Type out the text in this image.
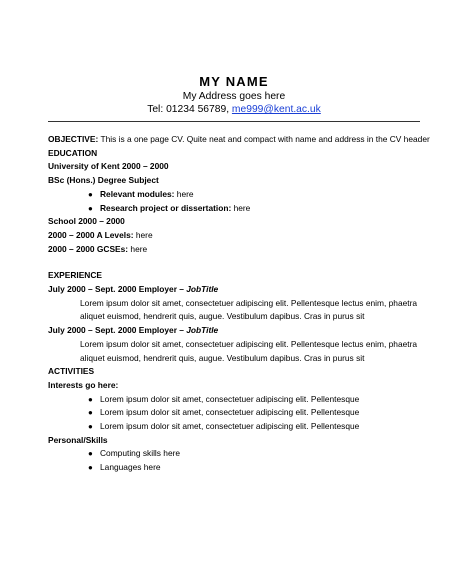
MY NAME
My Address goes here
Tel: 01234 56789, me999@kent.ac.uk
OBJECTIVE: This is a one page CV. Quite neat and compact with name and address in the CV header
EDUCATION
University of Kent 2000 – 2000
BSc (Hons.) Degree Subject
● Relevant modules: here
● Research project or dissertation: here
School 2000 – 2000
2000 – 2000 A Levels: here
2000 – 2000 GCSEs: here
EXPERIENCE
July 2000 – Sept. 2000 Employer – JobTitle
Lorem ipsum dolor sit amet, consectetuer adipiscing elit. Pellentesque lectus enim, phaetra aliquet euismod, hendrerit quis, augue. Vestibulum dapibus. Cras in purus sit
July 2000 – Sept. 2000 Employer – JobTitle
Lorem ipsum dolor sit amet, consectetuer adipiscing elit. Pellentesque lectus enim, phaetra aliquet euismod, hendrerit quis, augue. Vestibulum dapibus. Cras in purus sit
ACTIVITIES
Interests go here:
● Lorem ipsum dolor sit amet, consectetuer adipiscing elit. Pellentesque
● Lorem ipsum dolor sit amet, consectetuer adipiscing elit. Pellentesque
● Lorem ipsum dolor sit amet, consectetuer adipiscing elit. Pellentesque
Personal/Skills
● Computing skills here
● Languages here
